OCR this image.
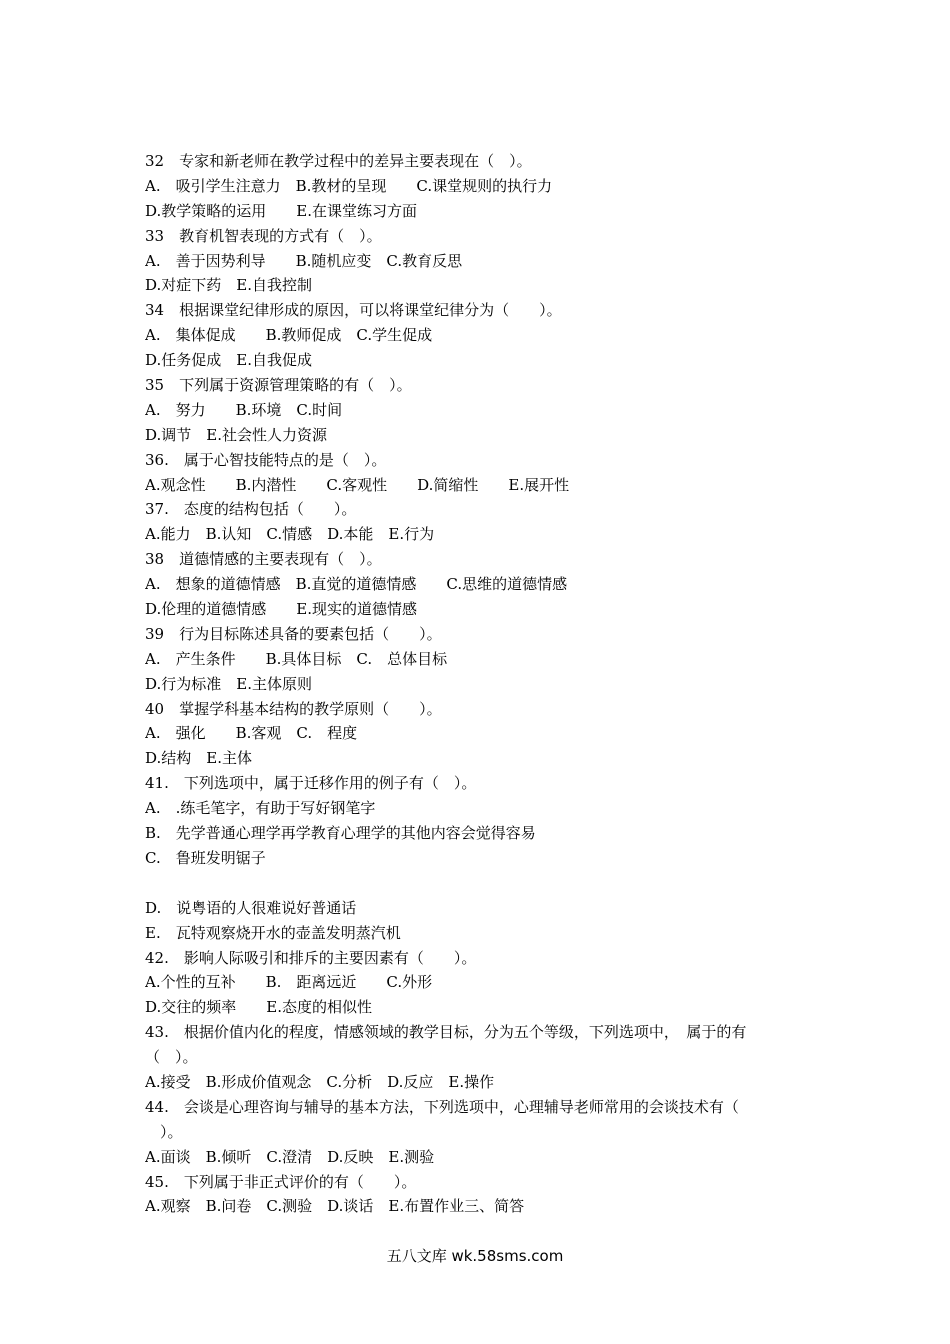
32　专家和新老师在教学过程中的差异主要表现在（　）。
A.　吸引学生注意力　B.教材的呈现　　C.课堂规则的执行力
D.教学策略的运用　　E.在课堂练习方面
33　教育机智表现的方式有（　）。
A.　善于因势利导　　B.随机应变　C.教育反思
D.对症下药　E.自我控制
34　根据课堂纪律形成的原因，可以将课堂纪律分为（　　）。
A.　集体促成　　B.教师促成　C.学生促成
D.任务促成　E.自我促成
35　下列属于资源管理策略的有（　）。
A.　努力　　B.环境　C.时间
D.调节　E.社会性人力资源
36.　属于心智技能特点的是（　）。
A.观念性　　B.内潜性　　C.客观性　　D.简缩性　　E.展开性
37.　态度的结构包括（　　）。
A.能力　B.认知　C.情感　D.本能　E.行为
38　道德情感的主要表现有（　）。
A.　想象的道德情感　B.直觉的道德情感　　C.思维的道德情感
D.伦理的道德情感　　E.现实的道德情感
39　行为目标陈述具备的要素包括（　　）。
A.　产生条件　　B.具体目标　C.　总体目标
D.行为标准　E.主体原则
40　掌握学科基本结构的教学原则（　　）。
A.　强化　　B.客观　C.　程度
D.结构　E.主体
41.　下列选项中，属于迁移作用的例子有（　）。
A.　.练毛笔字，有助于写好钢笔字
B.　先学普通心理学再学教育心理学的其他内容会觉得容易
C.　鲁班发明锯子
D.　说粤语的人很难说好普通话
E.　瓦特观察烧开水的壶盖发明蒸汽机
42.　影响人际吸引和排斥的主要因素有（　　）。
A.个性的互补　　B.　距离远近　　C.外形
D.交往的频率　　E.态度的相似性
43.　根据价值内化的程度，情感领域的教学目标，分为五个等级，下列选项中，　属于的有
（　）。
A.接受　B.形成价值观念　C.分析　D.反应　E.操作
44.　会谈是心理咨询与辅导的基本方法，下列选项中，心理辅导老师常用的会谈技术有（
　）。
A.面谈　B.倾听　C.澄清　D.反映　E.测验
45.　下列属于非正式评价的有（　　）。
A.观察　B.问卷　C.测验　D.谈话　E.布置作业三、简答
五八文库 wk.58sms.com
